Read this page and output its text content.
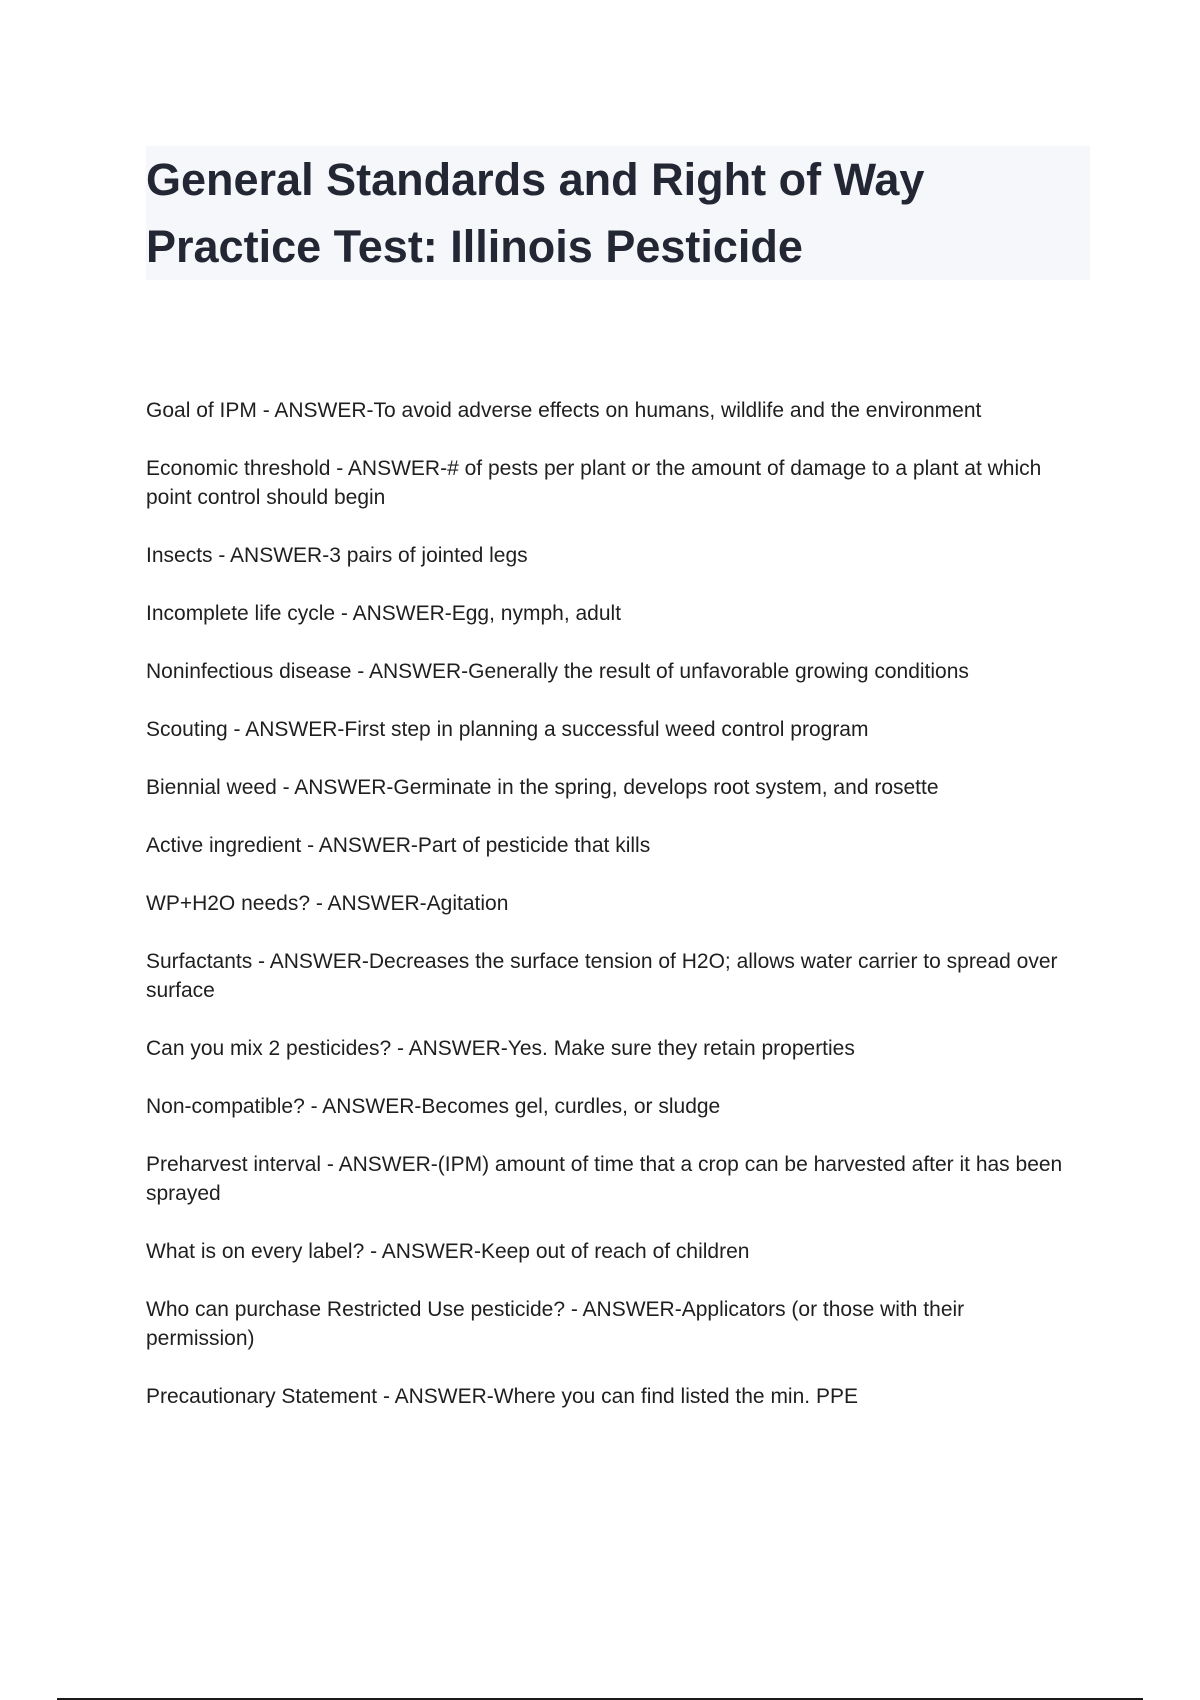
General Standards and Right of Way
Practice Test: Illinois Pesticide
Goal of IPM - ANSWER-To avoid adverse effects on humans, wildlife and the environment
Economic threshold - ANSWER-# of pests per plant or the amount of damage to a plant at which point control should begin
Insects - ANSWER-3 pairs of jointed legs
Incomplete life cycle - ANSWER-Egg, nymph, adult
Noninfectious disease - ANSWER-Generally the result of unfavorable growing conditions
Scouting - ANSWER-First step in planning a successful weed control program
Biennial weed - ANSWER-Germinate in the spring, develops root system, and rosette
Active ingredient - ANSWER-Part of pesticide that kills
WP+H2O needs? - ANSWER-Agitation
Surfactants - ANSWER-Decreases the surface tension of H2O; allows water carrier to spread over surface
Can you mix 2 pesticides? - ANSWER-Yes. Make sure they retain properties
Non-compatible? - ANSWER-Becomes gel, curdles, or sludge
Preharvest interval - ANSWER-(IPM) amount of time that a crop can be harvested after it has been sprayed
What is on every label? - ANSWER-Keep out of reach of children
Who can purchase Restricted Use pesticide? - ANSWER-Applicators (or those with their permission)
Precautionary Statement - ANSWER-Where you can find listed the min. PPE
